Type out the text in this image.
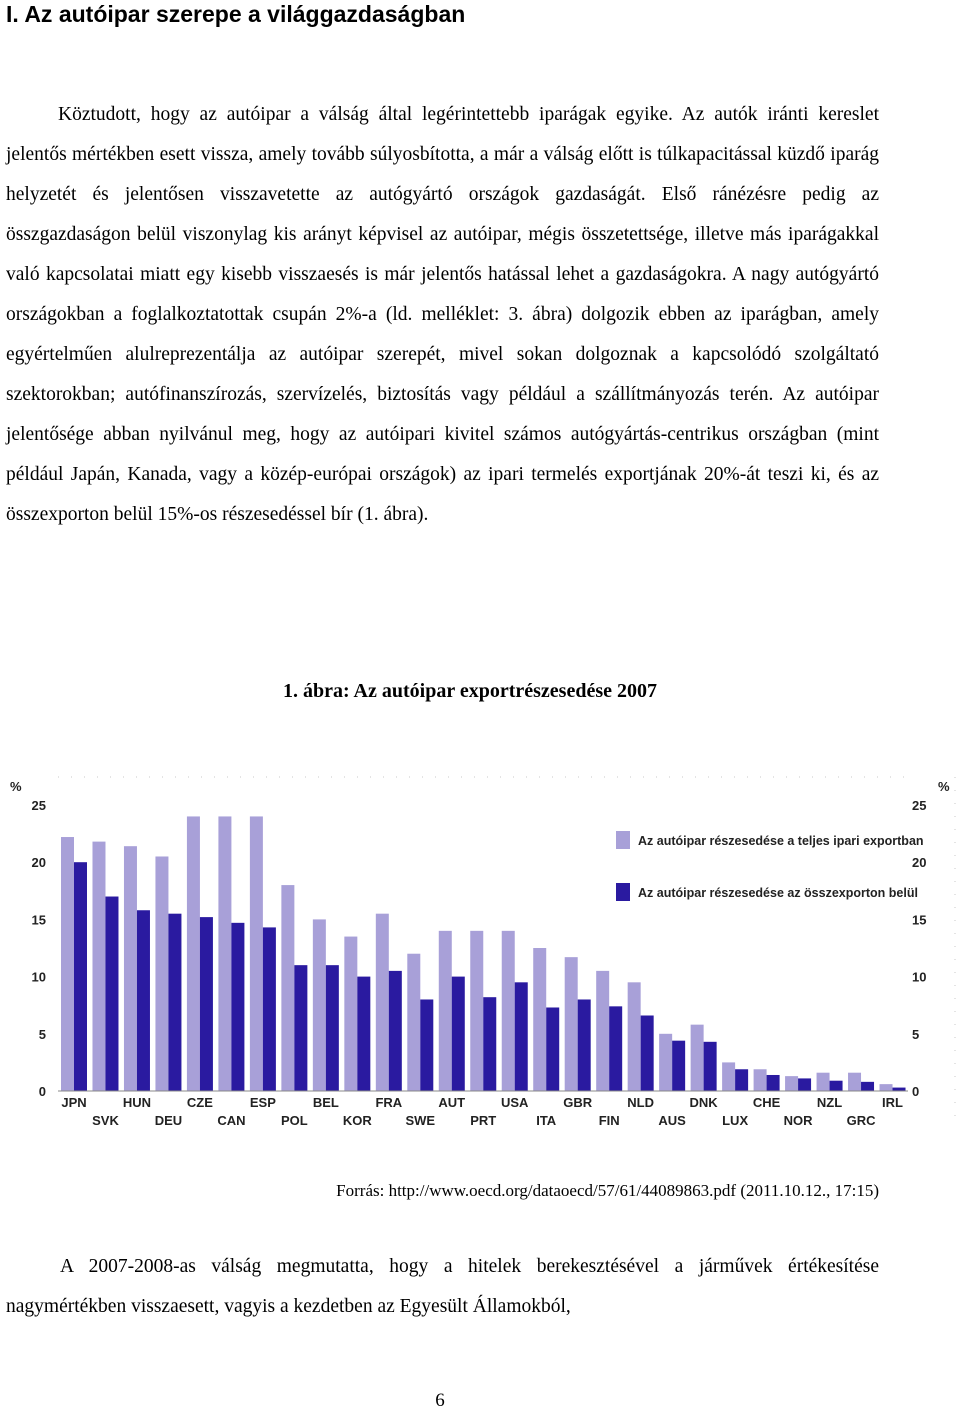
I. Az autóipar szerepe a világgazdaságban

Köztudott, hogy az autóipar a válság által legérintettebb iparágak egyike. Az autók iránti kereslet jelentős mértékben esett vissza, amely tovább súlyosbította, a már a válság előtt is túlkapacitással küzdő iparág helyzetét és jelentősen visszavetette az autógyártó országok gazdaságát. Első ránézésre pedig az összgazdaságon belül viszonylag kis arányt képvisel az autóipar, mégis összetettsége, illetve más iparágakkal való kapcsolatai miatt egy kisebb visszaesés is már jelentős hatással lehet a gazdaságokra. A nagy autógyártó országokban a foglalkoztatottak csupán 2%-a (ld. melléklet: 3. ábra) dolgozik ebben az iparágban, amely egyértelműen alulreprezentálja az autóipar szerepét, mivel sokan dolgoznak a kapcsolódó szolgáltató szektorokban; autófinanszírozás, szervízelés, biztosítás vagy például a szállítmányozás terén. Az autóipar jelentősége abban nyilvánul meg, hogy az autóipari kivitel számos autógyártás-centrikus országban (mint például Japán, Kanada, vagy a közép-európai országok) az ipari termelés exportjának 20%-át teszi ki, és az összexporton belül 15%-os részesedéssel bír (1. ábra).

1. ábra: Az autóipar exportrészesedése 2007

0	0
5	5
10	10
15	15
20	20
25	25
%	%
JPN
SVK
HUN
DEU
CZE
CAN
ESP
POL
BEL
KOR
FRA
SWE
AUT
PRT
USA
ITA
GBR
FIN
NLD
AUS
DNK
LUX
CHE
NOR
NZL
GRC
IRL
Az autóipar részesedése a teljes ipari exportban
Az autóipar részesedése az összexporton belül

Forrás: http://www.oecd.org/dataoecd/57/61/44089863.pdf (2011.10.12., 17:15)

A 2007-2008-as válság megmutatta, hogy a hitelek berekesztésével a járművek értékesítése nagymértékben visszaesett, vagyis a kezdetben az Egyesült Államokból,

6
